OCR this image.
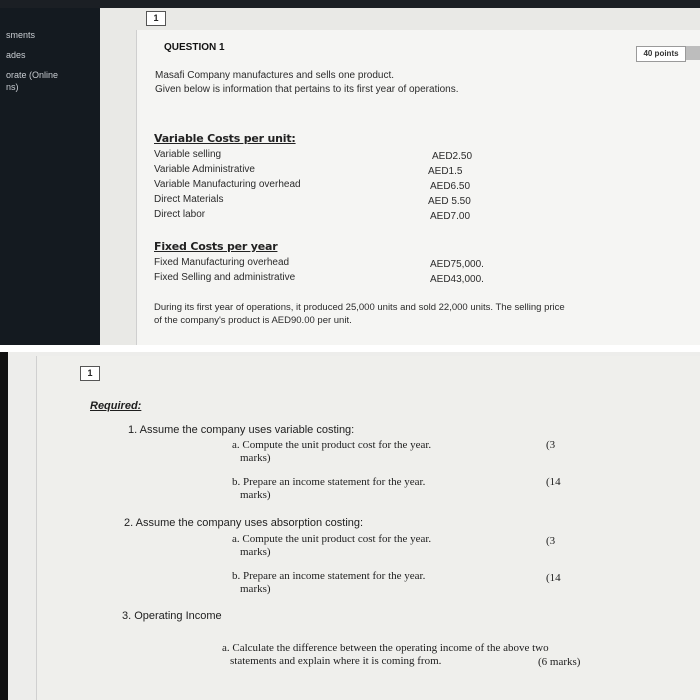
sments
ades
orate (Online
ns)
1
QUESTION 1
40 points
Masafi Company manufactures and sells one product.
Given below is information that pertains to its first year of operations.
Variable Costs per unit:
Variable selling	AED2.50
Variable Administrative	AED1.5
Variable Manufacturing overhead	AED6.50
Direct Materials	AED 5.50
Direct labor	AED7.00
Fixed Costs per year
Fixed Manufacturing overhead	AED75,000.
Fixed Selling and administrative	AED43,000.
During its first year of operations, it produced 25,000 units and sold 22,000 units. The selling price
of the company's product is AED90.00 per unit.
1
Required:
1. Assume the company uses variable costing:
a. Compute the unit product cost for the year.	(3
marks)
b. Prepare an income statement for the year.	(14
marks)
2. Assume the company uses absorption costing:
a. Compute the unit product cost for the year.	(3
marks)
b. Prepare an income statement for the year.	(14
marks)
3. Operating Income
a. Calculate the difference between the operating income of the above two
statements and explain where it is coming from.	(6 marks)
